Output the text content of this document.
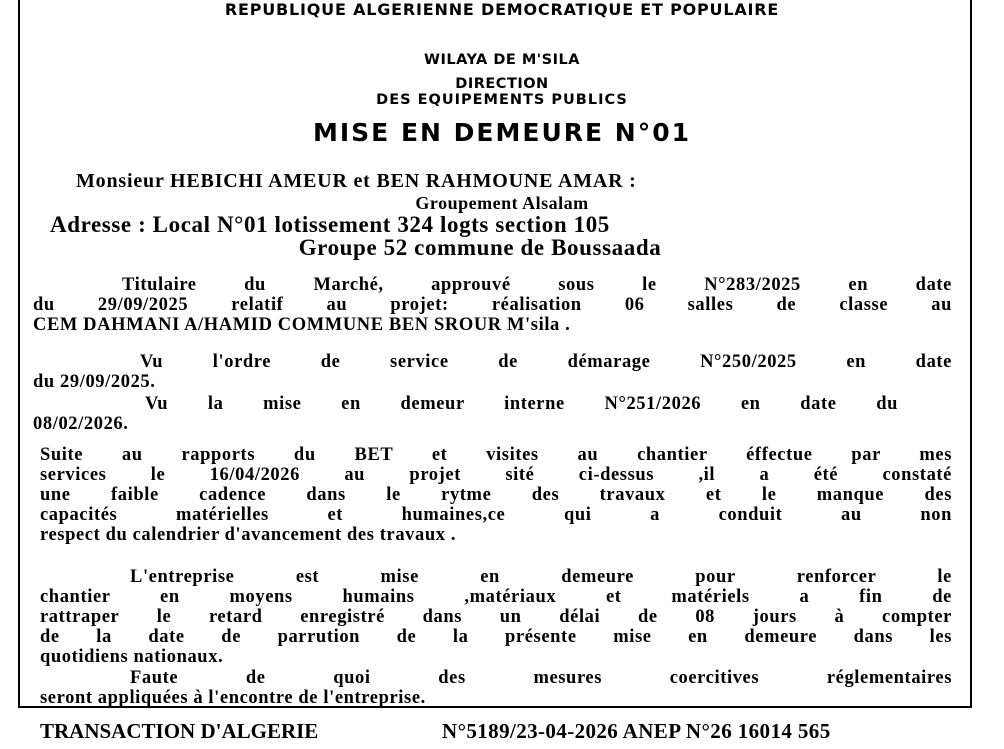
REPUBLIQUE ALGERIENNE DEMOCRATIQUE ET POPULAIRE
WILAYA DE M'SILA
DIRECTION
DES EQUIPEMENTS PUBLICS
MISE EN DEMEURE N°01
Monsieur HEBICHI AMEUR et BEN RAHMOUNE AMAR :
Groupement Alsalam
Adresse : Local N°01 lotissement 324 logts section 105
Groupe 52 commune de Boussaada
Titulaire du Marché, approuvé sous le N°283/2025 en date
du 29/09/2025 relatif au projet: réalisation 06 salles de classe au
CEM DAHMANI A/HAMID COMMUNE BEN SROUR M'sila .
Vu l'ordre de service de démarage N°250/2025 en date
du 29/09/2025.
Vu la mise en demeur interne N°251/2026 en date du
08/02/2026.
Suite au rapports du BET et visites au chantier éffectue par mes
services le 16/04/2026 au projet sité ci-dessus ,il a été constaté
une faible cadence dans le rytme des travaux et le manque des
capacités matérielles et humaines,ce qui a conduit au non
respect du calendrier d'avancement des travaux .
L'entreprise est mise en demeure pour renforcer le
chantier en moyens humains ,matériaux et matériels a fin de
rattraper le retard enregistré dans un délai de 08 jours à compter
de la date de parrution de la présente mise en demeure dans les
quotidiens nationaux.
Faute de quoi des mesures coercitives réglementaires
seront appliquées à l'encontre de l'entreprise.
TRANSACTION D'ALGERIE	N°5189/23-04-2026 ANEP N°26 16014 565
